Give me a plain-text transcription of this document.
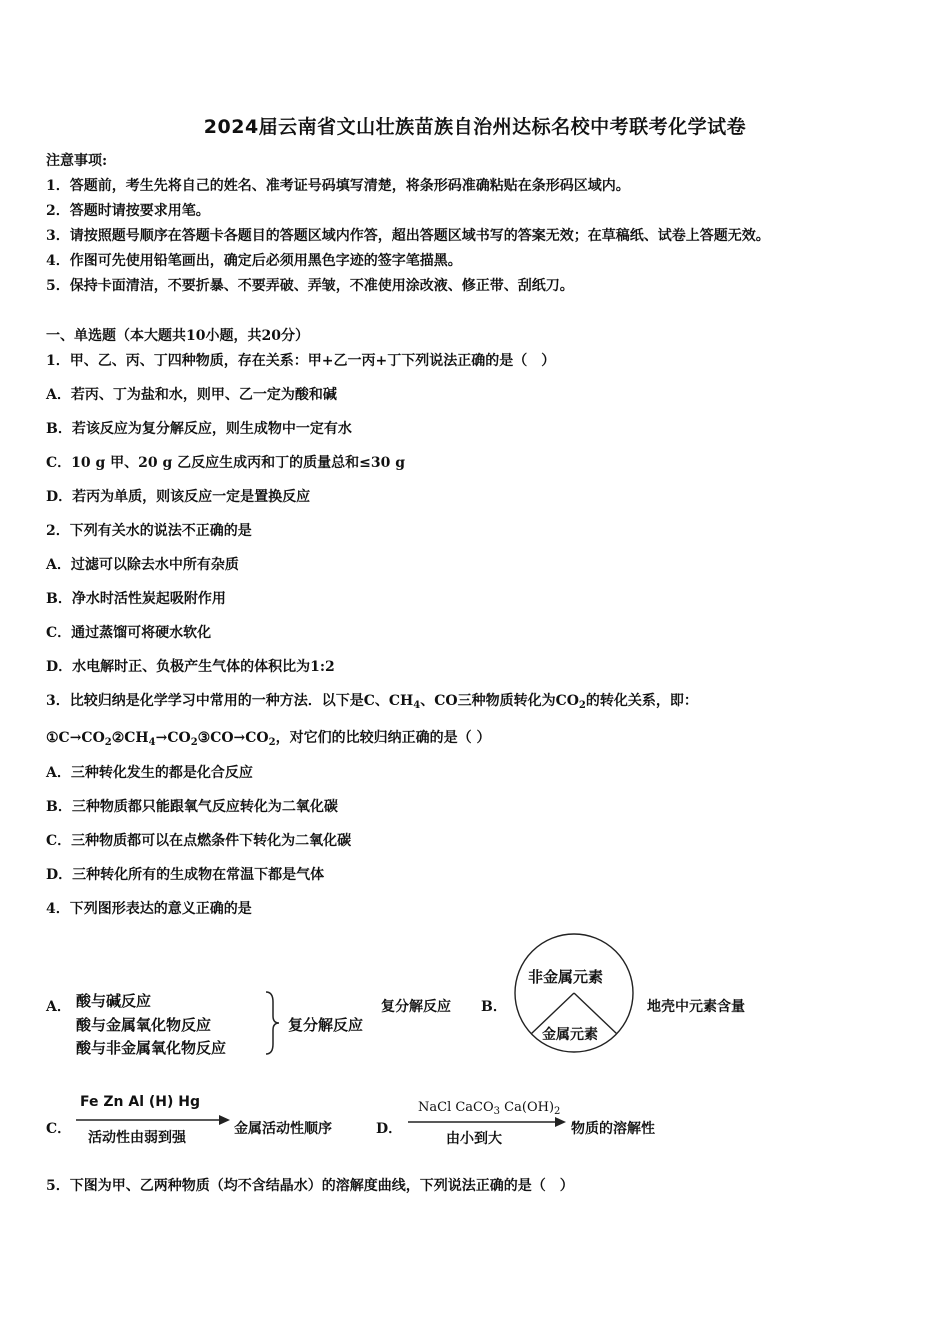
2024届云南省文山壮族苗族自治州达标名校中考联考化学试卷
注意事项:
1．答题前，考生先将自己的姓名、准考证号码填写清楚，将条形码准确粘贴在条形码区域内。
2．答题时请按要求用笔。
3．请按照题号顺序在答题卡各题目的答题区域内作答，超出答题区域书写的答案无效；在草稿纸、试卷上答题无效。
4．作图可先使用铅笔画出，确定后必须用黑色字迹的签字笔描黑。
5．保持卡面清洁，不要折暴、不要弄破、弄皱，不准使用涂改液、修正带、刮纸刀。
一、单选题（本大题共10小题，共20分）
1．甲、乙、丙、丁四种物质，存在关系：甲+乙一丙+丁下列说法正确的是（　）
A．若丙、丁为盐和水，则甲、乙一定为酸和碱
B．若该反应为复分解反应，则生成物中一定有水
C．10 g 甲、20 g 乙反应生成丙和丁的质量总和≤30 g
D．若丙为单质，则该反应一定是置换反应
2．下列有关水的说法不正确的是
A．过滤可以除去水中所有杂质
B．净水时活性炭起吸附作用
C．通过蒸馏可将硬水软化
D．水电解时正、负极产生气体的体积比为1:2
3．比较归纳是化学学习中常用的一种方法．以下是C、$CH_4$、CO三种物质转化为$CO_2$的转化关系，即：
$①C\to CO_2②CH_4\to CO_2③CO\to CO_2$，对它们的比较归纳正确的是（ ）
A．三种转化发生的都是化合反应
B．三种物质都只能跟氧气反应转化为二氧化碳
C．三种物质都可以在点燃条件下转化为二氧化碳
D．三种转化所有的生成物在常温下都是气体
4．下列图形表达的意义正确的是
A． 酸与碱反应
酸与金属氧化物反应
酸与非金属氧化物反应
复分解反应
复分解反应 B．
非金属元素
金属元素
地壳中元素含量
C．
Fe Zn Al (H) Hg
活动性由弱到强
金属活动性顺序	D．
NaCl CaCO$_3$ $Ca(OH)_2$
由小到大
物质的溶解性
5．下图为甲、乙两种物质（均不含结晶水）的溶解度曲线，下列说法正确的是（　）
